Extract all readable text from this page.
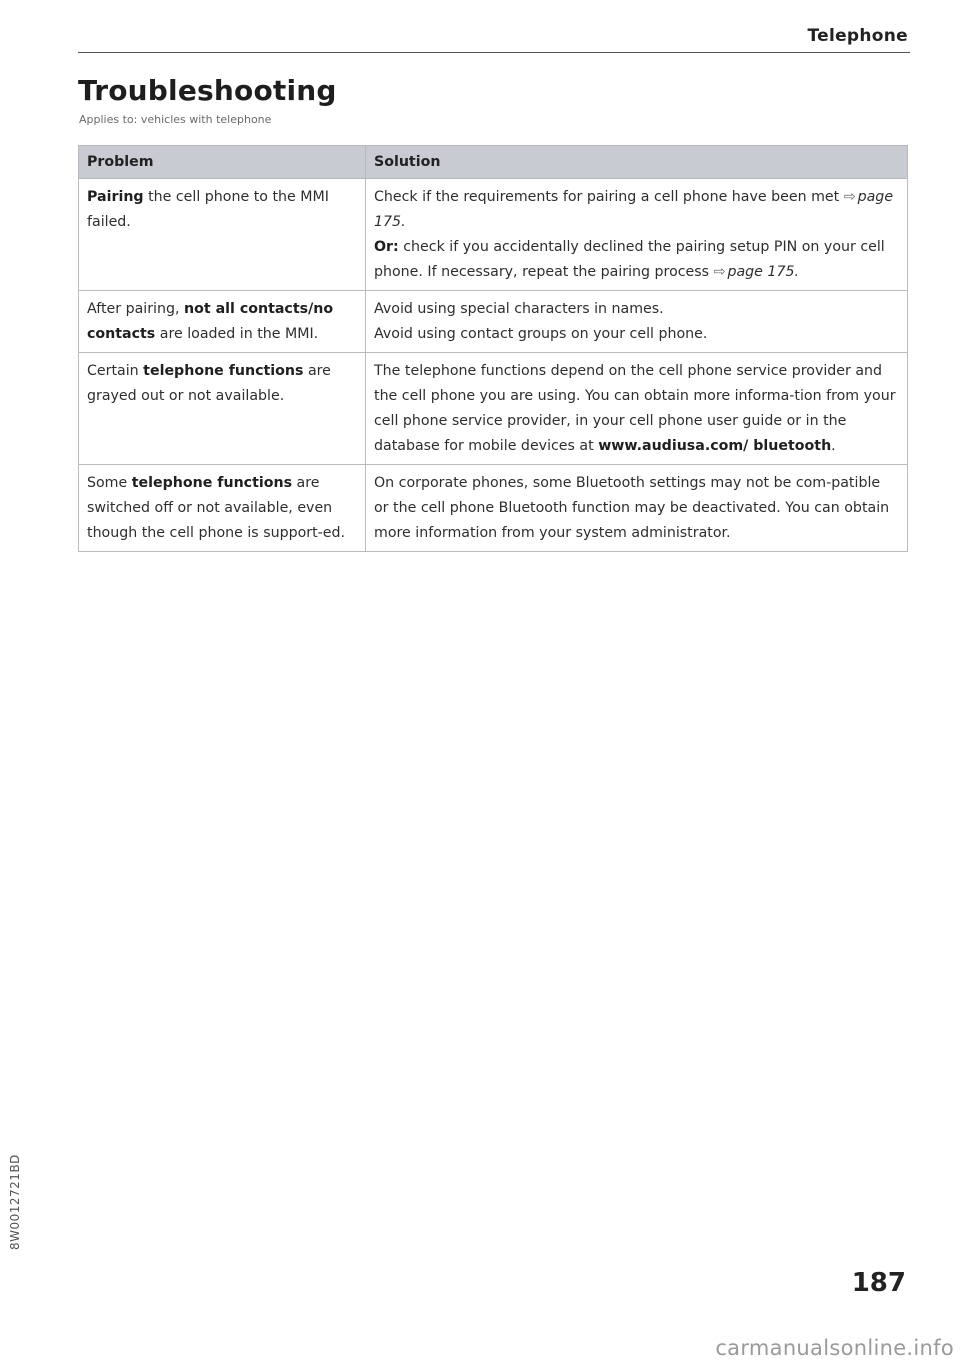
Telephone
Troubleshooting
Applies to: vehicles with telephone
Problem	Solution
Pairing the cell phone to the MMI failed.	Check if the requirements for pairing a cell phone have been met ⇨ page 175.
Or: check if you accidentally declined the pairing setup PIN on your cell phone. If necessary, repeat the pairing process ⇨ page 175.

After pairing, not all contacts/no contacts are loaded in the MMI.	Avoid using special characters in names.
Avoid using contact groups on your cell phone.

Certain telephone functions are grayed out or not available.	The telephone functions depend on the cell phone service provider and the cell phone you are using. You can obtain more informa-tion from your cell phone service provider, in your cell phone user guide or in the database for mobile devices at www.audiusa.com/ bluetooth.
Some telephone functions are switched off or not available, even though the cell phone is support-ed.	On corporate phones, some Bluetooth settings may not be com-patible or the cell phone Bluetooth function may be deactivated. You can obtain more information from your system administrator.
8W0012721BD
187
carmanualsonline.info
